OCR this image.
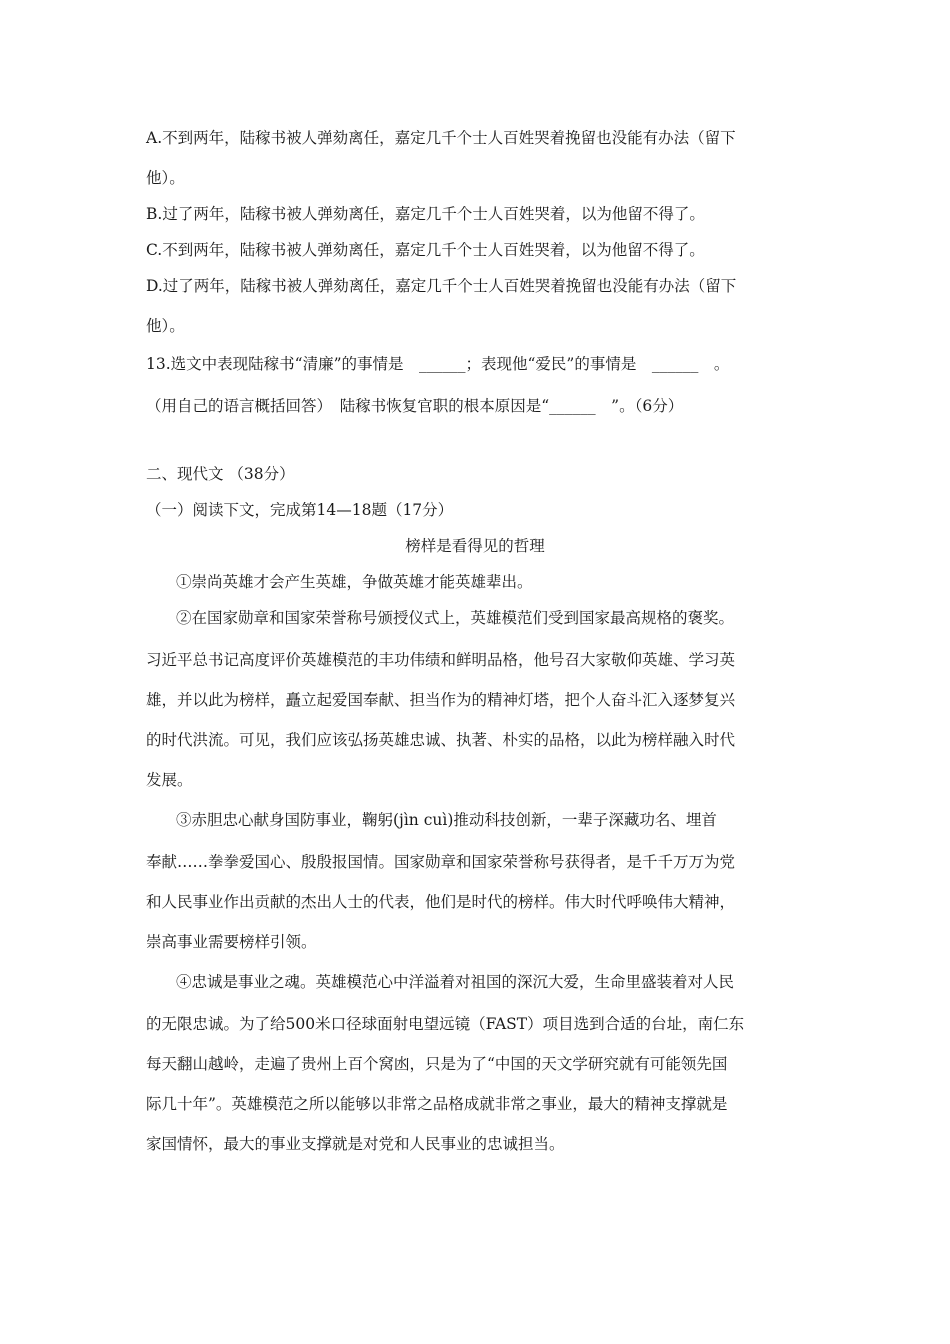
A.不到两年，陆稼书被人弹劾离任，嘉定几千个士人百姓哭着挽留也没能有办法（留下
他）。
B.过了两年，陆稼书被人弹劾离任，嘉定几千个士人百姓哭着，以为他留不得了。
C.不到两年，陆稼书被人弹劾离任，嘉定几千个士人百姓哭着，以为他留不得了。
D.过了两年，陆稼书被人弹劾离任，嘉定几千个士人百姓哭着挽留也没能有办法（留下
他）。
13.选文中表现陆稼书“清廉”的事情是　______；表现他“爱民”的事情是　______　。
（用自己的语言概括回答）　陆稼书恢复官职的根本原因是“______　”。（6分）
二、现代文 （38分）
（一）阅读下文，完成第14—18题（17分）
榜样是看得见的哲理
①崇尚英雄才会产生英雄，争做英雄才能英雄辈出。
②在国家勋章和国家荣誉称号颁授仪式上，英雄模范们受到国家最高规格的褒奖。
习近平总书记高度评价英雄模范的丰功伟绩和鲜明品格，他号召大家敬仰英雄、学习英
雄，并以此为榜样，矗立起爱国奉献、担当作为的精神灯塔，把个人奋斗汇入逐梦复兴
的时代洪流。可见，我们应该弘扬英雄忠诚、执著、朴实的品格，以此为榜样融入时代
发展。
③赤胆忠心献身国防事业，鞠躬(jìn cuì)推动科技创新，一辈子深藏功名、埋首
奉献……拳拳爱国心、殷殷报国情。国家勋章和国家荣誉称号获得者，是千千万万为党
和人民事业作出贡献的杰出人士的代表，他们是时代的榜样。伟大时代呼唤伟大精神，
崇高事业需要榜样引领。
④忠诚是事业之魂。英雄模范心中洋溢着对祖国的深沉大爱，生命里盛装着对人民
的无限忠诚。为了给500米口径球面射电望远镜（FAST）项目选到合适的台址，南仁东
每天翻山越岭，走遍了贵州上百个窝凼，只是为了“中国的天文学研究就有可能领先国
际几十年”。英雄模范之所以能够以非常之品格成就非常之事业，最大的精神支撑就是
家国情怀，最大的事业支撑就是对党和人民事业的忠诚担当。
